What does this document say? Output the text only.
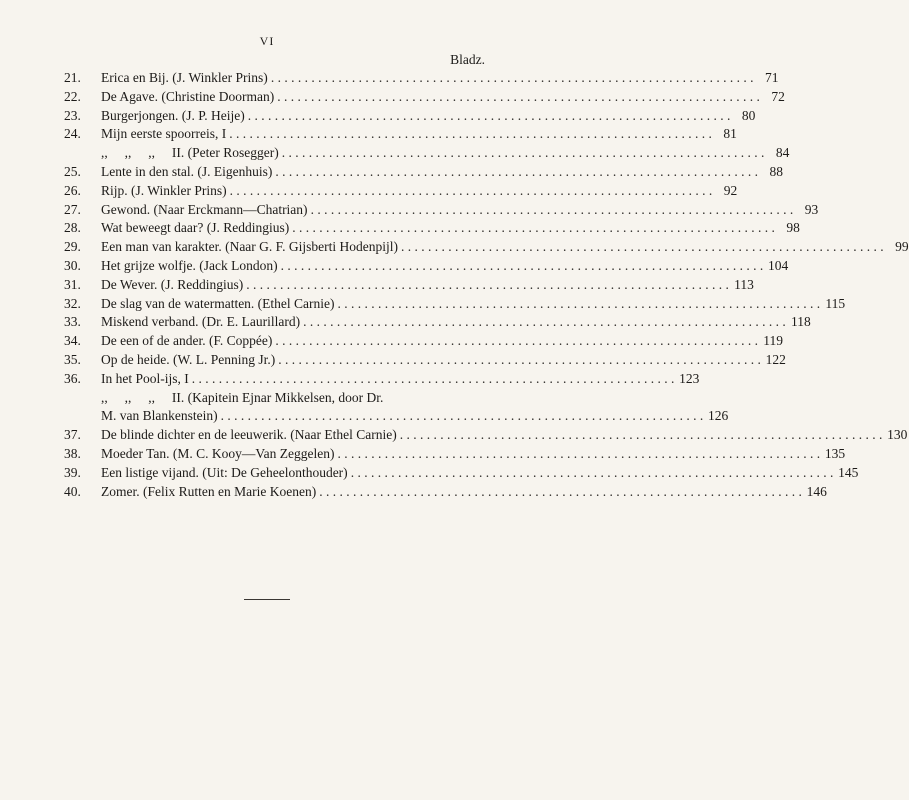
VI
Bladz.
21.	Erica en Bij. (J. Winkler Prins) . . .	71
22.	De Agave. (Christine Doorman) . . .	72
23.	Burgerjongen. (J. P. Heije) . . .	80
24.	Mijn eerste spoorreis, I . . .	81
,,     ,,     ,,     II. (Peter Rosegger) . . .	84
25.	Lente in den stal. (J. Eigenhuis) . . .	88
26.	Rijp. (J. Winkler Prins) . . .	92
27.	Gewond. (Naar Erckmann—Chatrian) . . .	93
28.	Wat beweegt daar? (J. Reddingius) . . .	98
29.	Een man van karakter. (Naar G. F. Gijsberti Hodenpijl) . . .	99
30.	Het grijze wolfje. (Jack London) . . .	104
31.	De Wever. (J. Reddingius) . . .	113
32.	De slag van de watermatten. (Ethel Carnie) . . .	115
33.	Miskend verband. (Dr. E. Laurillard) . . .	118
34.	De een of de ander. (F. Coppée) . . .	119
35.	Op de heide. (W. L. Penning Jr.) . . .	122
36.	In het Pool-ijs, I . . .	123
,,     ,,     ,,     II. (Kapitein Ejnar Mikkelsen, door Dr.
M. van Blankenstein) . . .	126
37.	De blinde dichter en de leeuwerik. (Naar Ethel Carnie) . . .	130
38.	Moeder Tan. (M. C. Kooy—Van Zeggelen) . . .	135
39.	Een listige vijand. (Uit: De Geheelonthouder) . . .	145
40.	Zomer. (Felix Rutten en Marie Koenen) . . .	146
